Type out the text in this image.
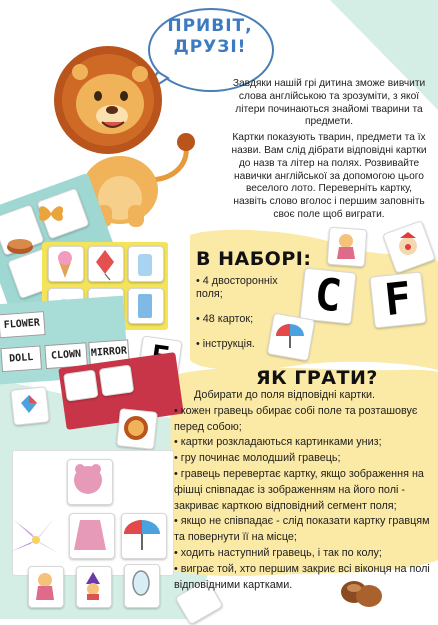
ПРИВІТ,
ДРУЗІ!

Завдяки нашій грі дитина зможе вивчити слова англійською та зрозуміти, з якої літери починаються знайомі тварини та предмети.

Картки показують тварин, предмети та їх назви. Вам слід дібрати відповідні картки до назв та літер на полях. Розвивайте навички англійської за допомогою цього веселого лото. Переверніть картку, назвіть слово вголос і першим заповніть своє поле щоб виграти.

FLOWER
DOLL	CLOWN MIRROR
C F
В НАБОРІ:
• 4 двосторонніх поля;
• 48 карток;
• інструкція.
ЯК ГРАТИ?
Добирати до поля відповідні картки.
• кожен гравець обирає собі поле та розташовує перед собою;
• картки розкладаються картинками униз;
• гру починає молодший гравець;
• гравець перевертає картку, якщо зображення на фішці співпадає із зображенням на його полі - закриває карткою відповідний сегмент поля;
• якщо не співпадає - слід показати картку гравцям та повернути її на місце;
• ходить наступний гравець, і так по колу;
• виграє той, хто першим закриє всі віконця на полі відповідними картками.
